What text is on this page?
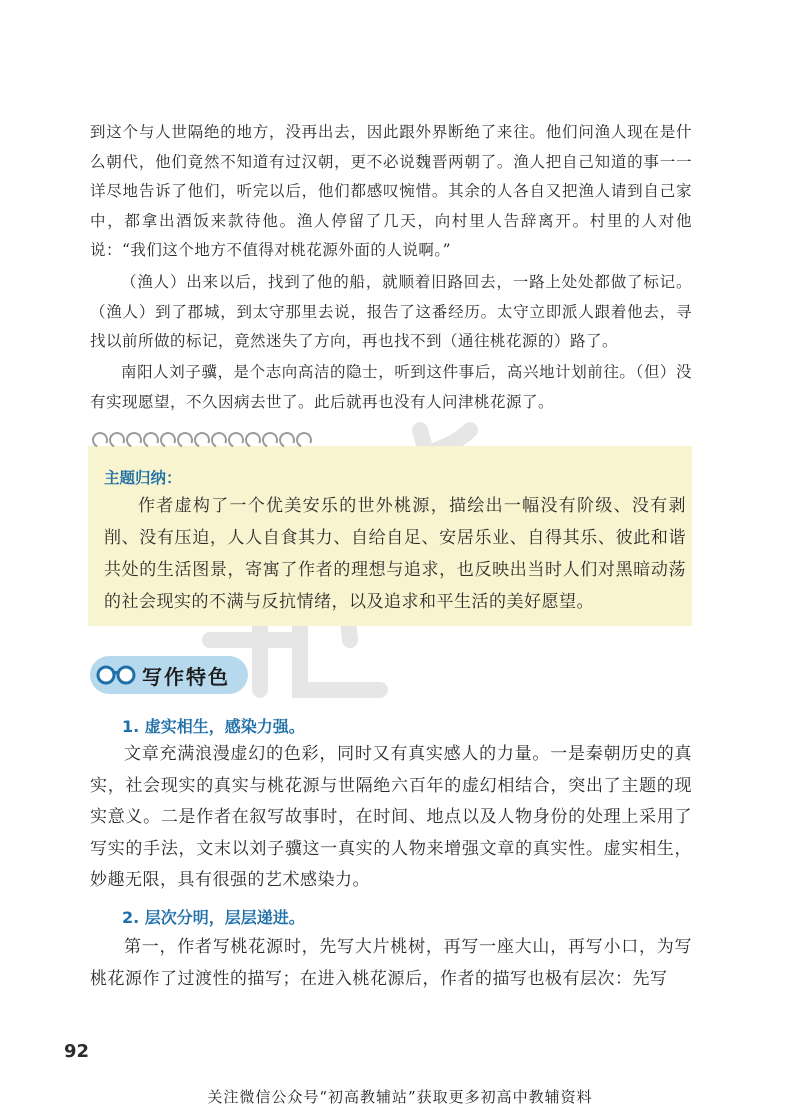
到这个与人世隔绝的地方，没再出去，因此跟外界断绝了来往。他们问渔人现在是什么朝代，他们竟然不知道有过汉朝，更不必说魏晋两朝了。渔人把自己知道的事一一详尽地告诉了他们，听完以后，他们都感叹惋惜。其余的人各自又把渔人请到自己家中，都拿出酒饭来款待他。渔人停留了几天，向村里人告辞离开。村里的人对他说：“我们这个地方不值得对桃花源外面的人说啊。”
（渔人）出来以后，找到了他的船，就顺着旧路回去，一路上处处都做了标记。（渔人）到了郡城，到太守那里去说，报告了这番经历。太守立即派人跟着他去，寻找以前所做的标记，竟然迷失了方向，再也找不到（通往桃花源的）路了。
南阳人刘子骥，是个志向高洁的隐士，听到这件事后，高兴地计划前往。（但）没有实现愿望，不久因病去世了。此后就再也没有人问津桃花源了。
主题归纳：
作者虚构了一个优美安乐的世外桃源，描绘出一幅没有阶级、没有剥削、没有压迫，人人自食其力、自给自足、安居乐业、自得其乐、彼此和谐共处的生活图景，寄寓了作者的理想与追求，也反映出当时人们对黑暗动荡的社会现实的不满与反抗情绪，以及追求和平生活的美好愿望。
写作特色
1. 虚实相生，感染力强。
文章充满浪漫虚幻的色彩，同时又有真实感人的力量。一是秦朝历史的真实，社会现实的真实与桃花源与世隔绝六百年的虚幻相结合，突出了主题的现实意义。二是作者在叙写故事时，在时间、地点以及人物身份的处理上采用了写实的手法，文末以刘子骥这一真实的人物来增强文章的真实性。虚实相生，妙趣无限，具有很强的艺术感染力。
2. 层次分明，层层递进。
第一，作者写桃花源时，先写大片桃树，再写一座大山，再写小口，为写桃花源作了过渡性的描写；在进入桃花源后，作者的描写也极有层次：先写
92
关注微信公众号“初高教辅站”获取更多初高中教辅资料
